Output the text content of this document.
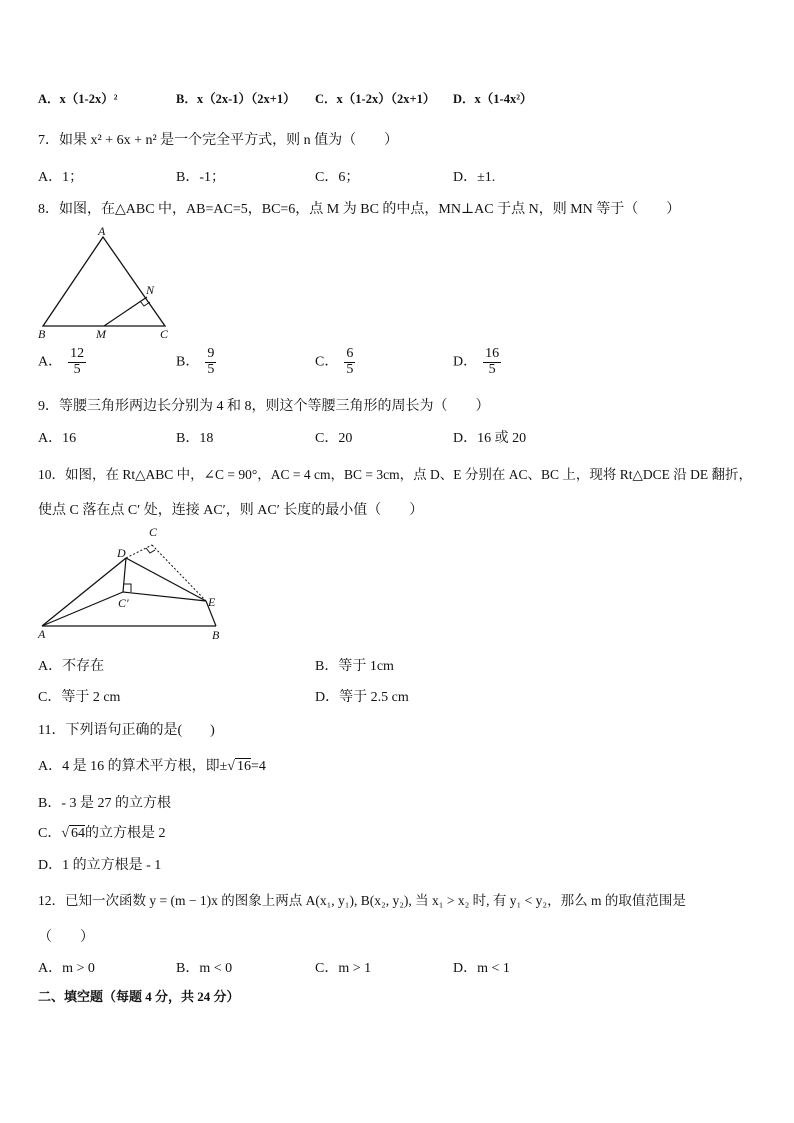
A．x（1-2x）²	B．x（2x-1）（2x+1） C．x（1-2x）（2x+1） D．x（1-4x²）
7．如果 x² + 6x + n² 是一个完全平方式，则 n 值为（　　）
A．1；	B．-1；	C．6；	D．±1.
8．如图，在△ABC 中，AB=AC=5，BC=6，点 M 为 BC 的中点，MN⊥AC 于点 N，则 MN 等于（　　）
A
B	C
M
N
A． $\frac{12}{5}$	B． $\frac{9}{5}$	C． $\frac{6}{5}$	D． $\frac{16}{5}$
9．等腰三角形两边长分别为 4 和 8，则这个等腰三角形的周长为（　　）
A．16	B．18	C．20	D．16 或 20
10．如图，在 Rt△ABC 中，∠C = 90°，AC = 4 cm，BC = 3cm，点 D、E 分别在 AC、BC 上，现将 Rt△DCE 沿 DE 翻折，
使点 C 落在点 C′ 处，连接 AC′，则 AC′ 长度的最小值（　　）
A	B
C
D
E
C′
A．不存在	B．等于 1cm
C．等于 2 cm	D．等于 2.5 cm
11．下列语句正确的是(　　)
A．4 是 16 的算术平方根，即±√ 16=4
B．- 3 是 27 的立方根
C．√ 64的立方根是 2
D．1 的立方根是 - 1
12．已知一次函数 y = (m − 1)x 的图象上两点 A(x₁, y₁), B(x₂, y₂), 当 x₁ > x₂ 时, 有 y₁ < y₂，那么 m 的取值范围是
（　　）
A．m > 0	B．m < 0	C．m > 1	D．m < 1
二、填空题（每题 4 分，共 24 分）
